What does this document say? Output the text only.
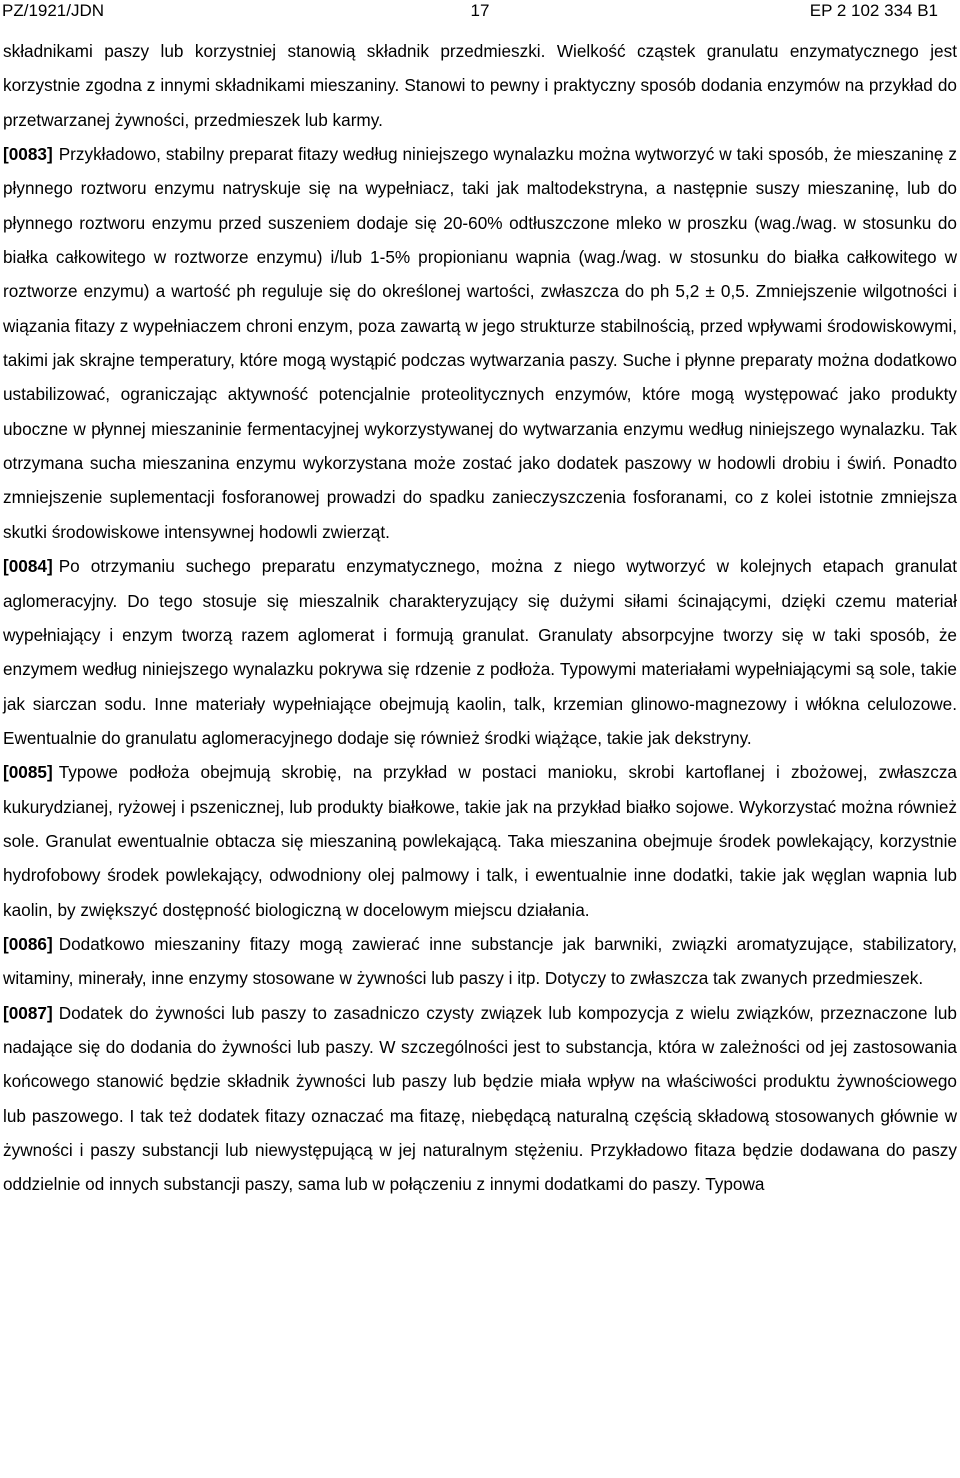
PZ/1921/JDN	17	EP 2 102 334 B1

składnikami paszy lub korzystniej stanowią składnik przedmieszki. Wielkość cząstek granulatu enzymatycznego jest korzystnie zgodna z innymi składnikami mieszaniny. Stanowi to pewny i praktyczny sposób dodania enzymów na przykład do przetwarzanej żywności, przedmieszek lub karmy.

[0083] Przykładowo, stabilny preparat fitazy według niniejszego wynalazku można wytworzyć w taki sposób, że mieszaninę z płynnego roztworu enzymu natryskuje się na wypełniacz, taki jak maltodekstryna, a następnie suszy mieszaninę, lub do płynnego roztworu enzymu przed suszeniem dodaje się 20-60% odtłuszczone mleko w proszku (wag./wag. w stosunku do białka całkowitego w roztworze enzymu) i/lub 1-5% propionianu wapnia (wag./wag. w stosunku do białka całkowitego w roztworze enzymu) a wartość ph reguluje się do określonej wartości, zwłaszcza do ph 5,2 ± 0,5. Zmniejszenie wilgotności i wiązania fitazy z wypełniaczem chroni enzym, poza zawartą w jego strukturze stabilnością, przed wpływami środowiskowymi, takimi jak skrajne temperatury, które mogą wystąpić podczas wytwarzania paszy. Suche i płynne preparaty można dodatkowo ustabilizować, ograniczając aktywność potencjalnie proteolitycznych enzymów, które mogą występować jako produkty uboczne w płynnej mieszaninie fermentacyjnej wykorzystywanej do wytwarzania enzymu według niniejszego wynalazku. Tak otrzymana sucha mieszanina enzymu wykorzystana może zostać jako dodatek paszowy w hodowli drobiu i świń. Ponadto zmniejszenie suplementacji fosforanowej prowadzi do spadku zanieczyszczenia fosforanami, co z kolei istotnie zmniejsza skutki środowiskowe intensywnej hodowli zwierząt.

[0084] Po otrzymaniu suchego preparatu enzymatycznego, można z niego wytworzyć w kolejnych etapach granulat aglomeracyjny. Do tego stosuje się mieszalnik charakteryzujący się dużymi siłami ścinającymi, dzięki czemu materiał wypełniający i enzym tworzą razem aglomerat i formują granulat. Granulaty absorpcyjne tworzy się w taki sposób, że enzymem według niniejszego wynalazku pokrywa się rdzenie z podłoża. Typowymi materiałami wypełniającymi są sole, takie jak siarczan sodu. Inne materiały wypełniające obejmują kaolin, talk, krzemian glinowo-magnezowy i włókna celulozowe. Ewentualnie do granulatu aglomeracyjnego dodaje się również środki wiążące, takie jak dekstryny.

[0085] Typowe podłoża obejmują skrobię, na przykład w postaci manioku, skrobi kartoflanej i zbożowej, zwłaszcza kukurydzianej, ryżowej i pszenicznej, lub produkty białkowe, takie jak na przykład białko sojowe. Wykorzystać można również sole. Granulat ewentualnie obtacza się mieszaniną powlekającą. Taka mieszanina obejmuje środek powlekający, korzystnie hydrofobowy środek powlekający, odwodniony olej palmowy i talk, i ewentualnie inne dodatki, takie jak węglan wapnia lub kaolin, by zwiększyć dostępność biologiczną w docelowym miejscu działania.

[0086] Dodatkowo mieszaniny fitazy mogą zawierać inne substancje jak barwniki, związki aromatyzujące, stabilizatory, witaminy, minerały, inne enzymy stosowane w żywności lub paszy i itp. Dotyczy to zwłaszcza tak zwanych przedmieszek.

[0087] Dodatek do żywności lub paszy to zasadniczo czysty związek lub kompozycja z wielu związków, przeznaczone lub nadające się do dodania do żywności lub paszy. W szczególności jest to substancja, która w zależności od jej zastosowania końcowego stanowić będzie składnik żywności lub paszy lub będzie miała wpływ na właściwości produktu żywnościowego lub paszowego. I tak też dodatek fitazy oznaczać ma fitazę, niebędącą naturalną częścią składową stosowanych głównie w żywności i paszy substancji lub niewystępującą w jej naturalnym stężeniu. Przykładowo fitaza będzie dodawana do paszy oddzielnie od innych substancji paszy, sama lub w połączeniu z innymi dodatkami do paszy. Typowa
